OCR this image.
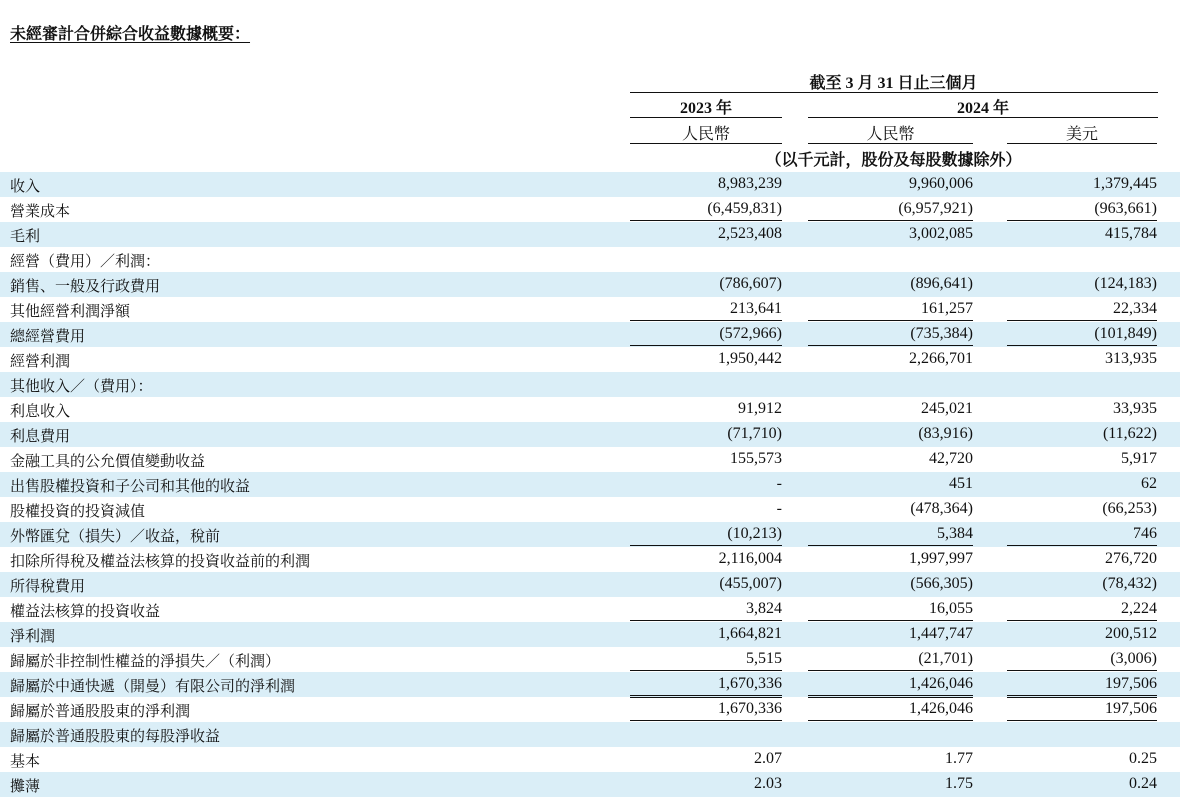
未經審計合併綜合收益數據概要：
截至 3 月 31 日止三個月
2023 年	2024 年
人民幣	人民幣	美元
（以千元計，股份及每股數據除外）
收入	8,983,239	9,960,006	1,379,445
營業成本	(6,459,831)	(6,957,921)	(963,661)
毛利	2,523,408	3,002,085	415,784
經營（費用）／利潤：
銷售、一般及行政費用	(786,607)	(896,641)	(124,183)
其他經營利潤淨額	213,641	161,257	22,334
總經營費用	(572,966)	(735,384)	(101,849)
經營利潤	1,950,442	2,266,701	313,935
其他收入／（費用）：
利息收入	91,912	245,021	33,935
利息費用	(71,710)	(83,916)	(11,622)
金融工具的公允價值變動收益	155,573	42,720	5,917
出售股權投資和子公司和其他的收益	-	451	62
股權投資的投資減值	-	(478,364)	(66,253)
外幣匯兌（損失）／收益，稅前	(10,213)	5,384	746
扣除所得稅及權益法核算的投資收益前的利潤	2,116,004	1,997,997	276,720
所得稅費用	(455,007)	(566,305)	(78,432)
權益法核算的投資收益	3,824	16,055	2,224
淨利潤	1,664,821	1,447,747	200,512
歸屬於非控制性權益的淨損失／（利潤）	5,515	(21,701)	(3,006)
歸屬於中通快遞（開曼）有限公司的淨利潤	1,670,336	1,426,046	197,506
歸屬於普通股股東的淨利潤	1,670,336	1,426,046	197,506
歸屬於普通股股東的每股淨收益
基本	2.07	1.77	0.25
攤薄	2.03	1.75	0.24
